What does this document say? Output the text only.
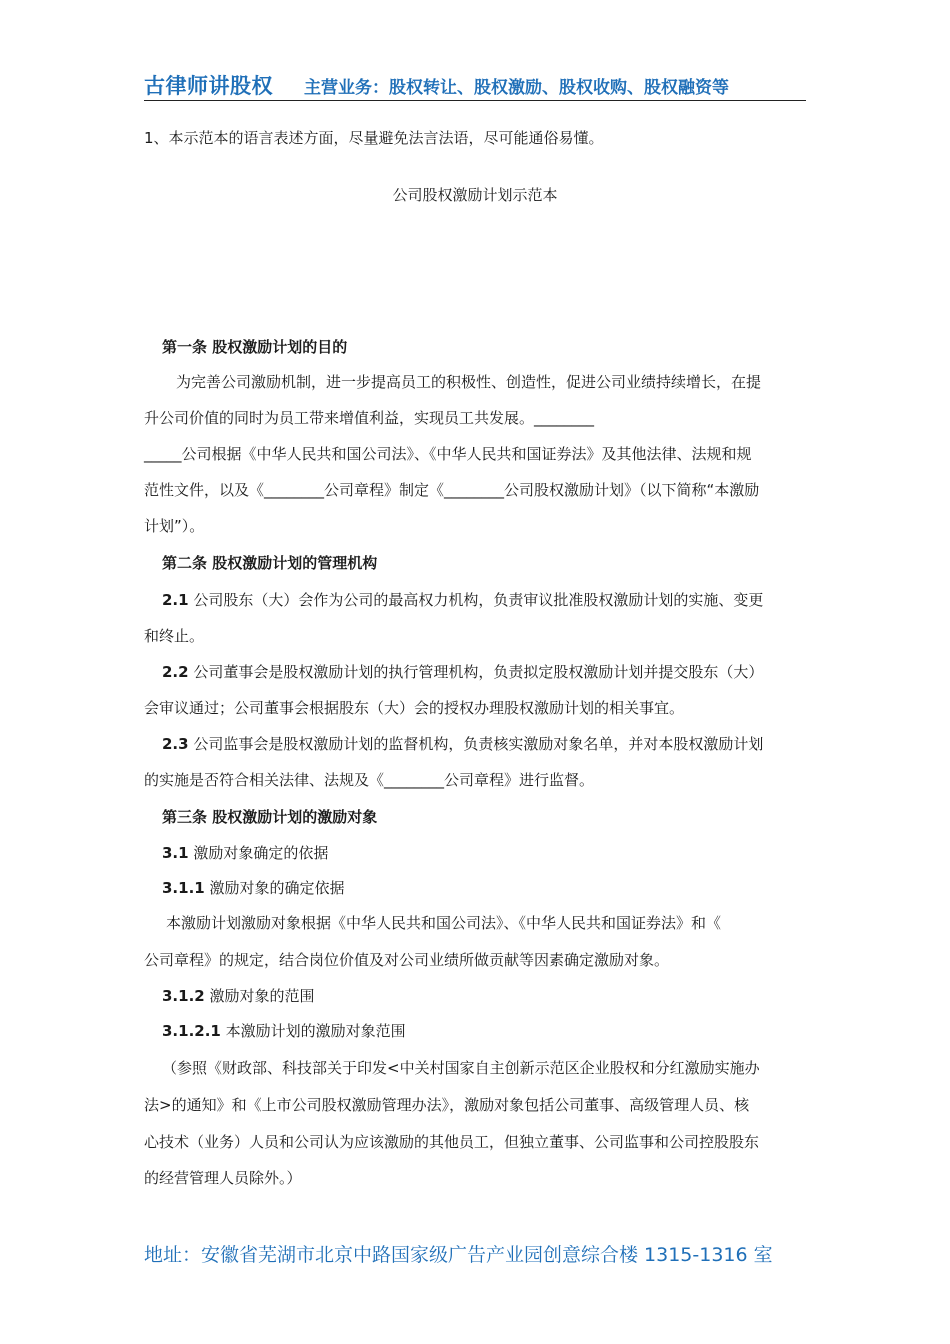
古律师讲股权 主营业务：股权转让、股权激励、股权收购、股权融资等
1、本示范本的语言表述方面，尽量避免法言法语，尽可能通俗易懂。
公司股权激励计划示范本
第一条 股权激励计划的目的
为完善公司激励机制，进一步提高员工的积极性、创造性，促进公司业绩持续增长，在提
升公司价值的同时为员工带来增值利益，实现员工共发展。________
_____公司根据《中华人民共和国公司法》、《中华人民共和国证券法》及其他法律、法规和规
范性文件，以及《________公司章程》制定《________公司股权激励计划》（以下简称“本激励
计划”）。
第二条 股权激励计划的管理机构
2.1 公司股东（大）会作为公司的最高权力机构，负责审议批准股权激励计划的实施、变更
和终止。
2.2 公司董事会是股权激励计划的执行管理机构，负责拟定股权激励计划并提交股东（大）
会审议通过；公司董事会根据股东（大）会的授权办理股权激励计划的相关事宜。
2.3 公司监事会是股权激励计划的监督机构，负责核实激励对象名单，并对本股权激励计划
的实施是否符合相关法律、法规及《________公司章程》进行监督。
第三条 股权激励计划的激励对象
3.1 激励对象确定的依据
3.1.1 激励对象的确定依据
本激励计划激励对象根据《中华人民共和国公司法》、《中华人民共和国证券法》和《
公司章程》的规定，结合岗位价值及对公司业绩所做贡献等因素确定激励对象。
3.1.2 激励对象的范围
3.1.2.1 本激励计划的激励对象范围
（参照《财政部、科技部关于印发<中关村国家自主创新示范区企业股权和分红激励实施办
法>的通知》和《上市公司股权激励管理办法》，激励对象包括公司董事、高级管理人员、核
心技术（业务）人员和公司认为应该激励的其他员工，但独立董事、公司监事和公司控股股东
的经营管理人员除外。）
地址：安徽省芜湖市北京中路国家级广告产业园创意综合楼 1315-1316 室
